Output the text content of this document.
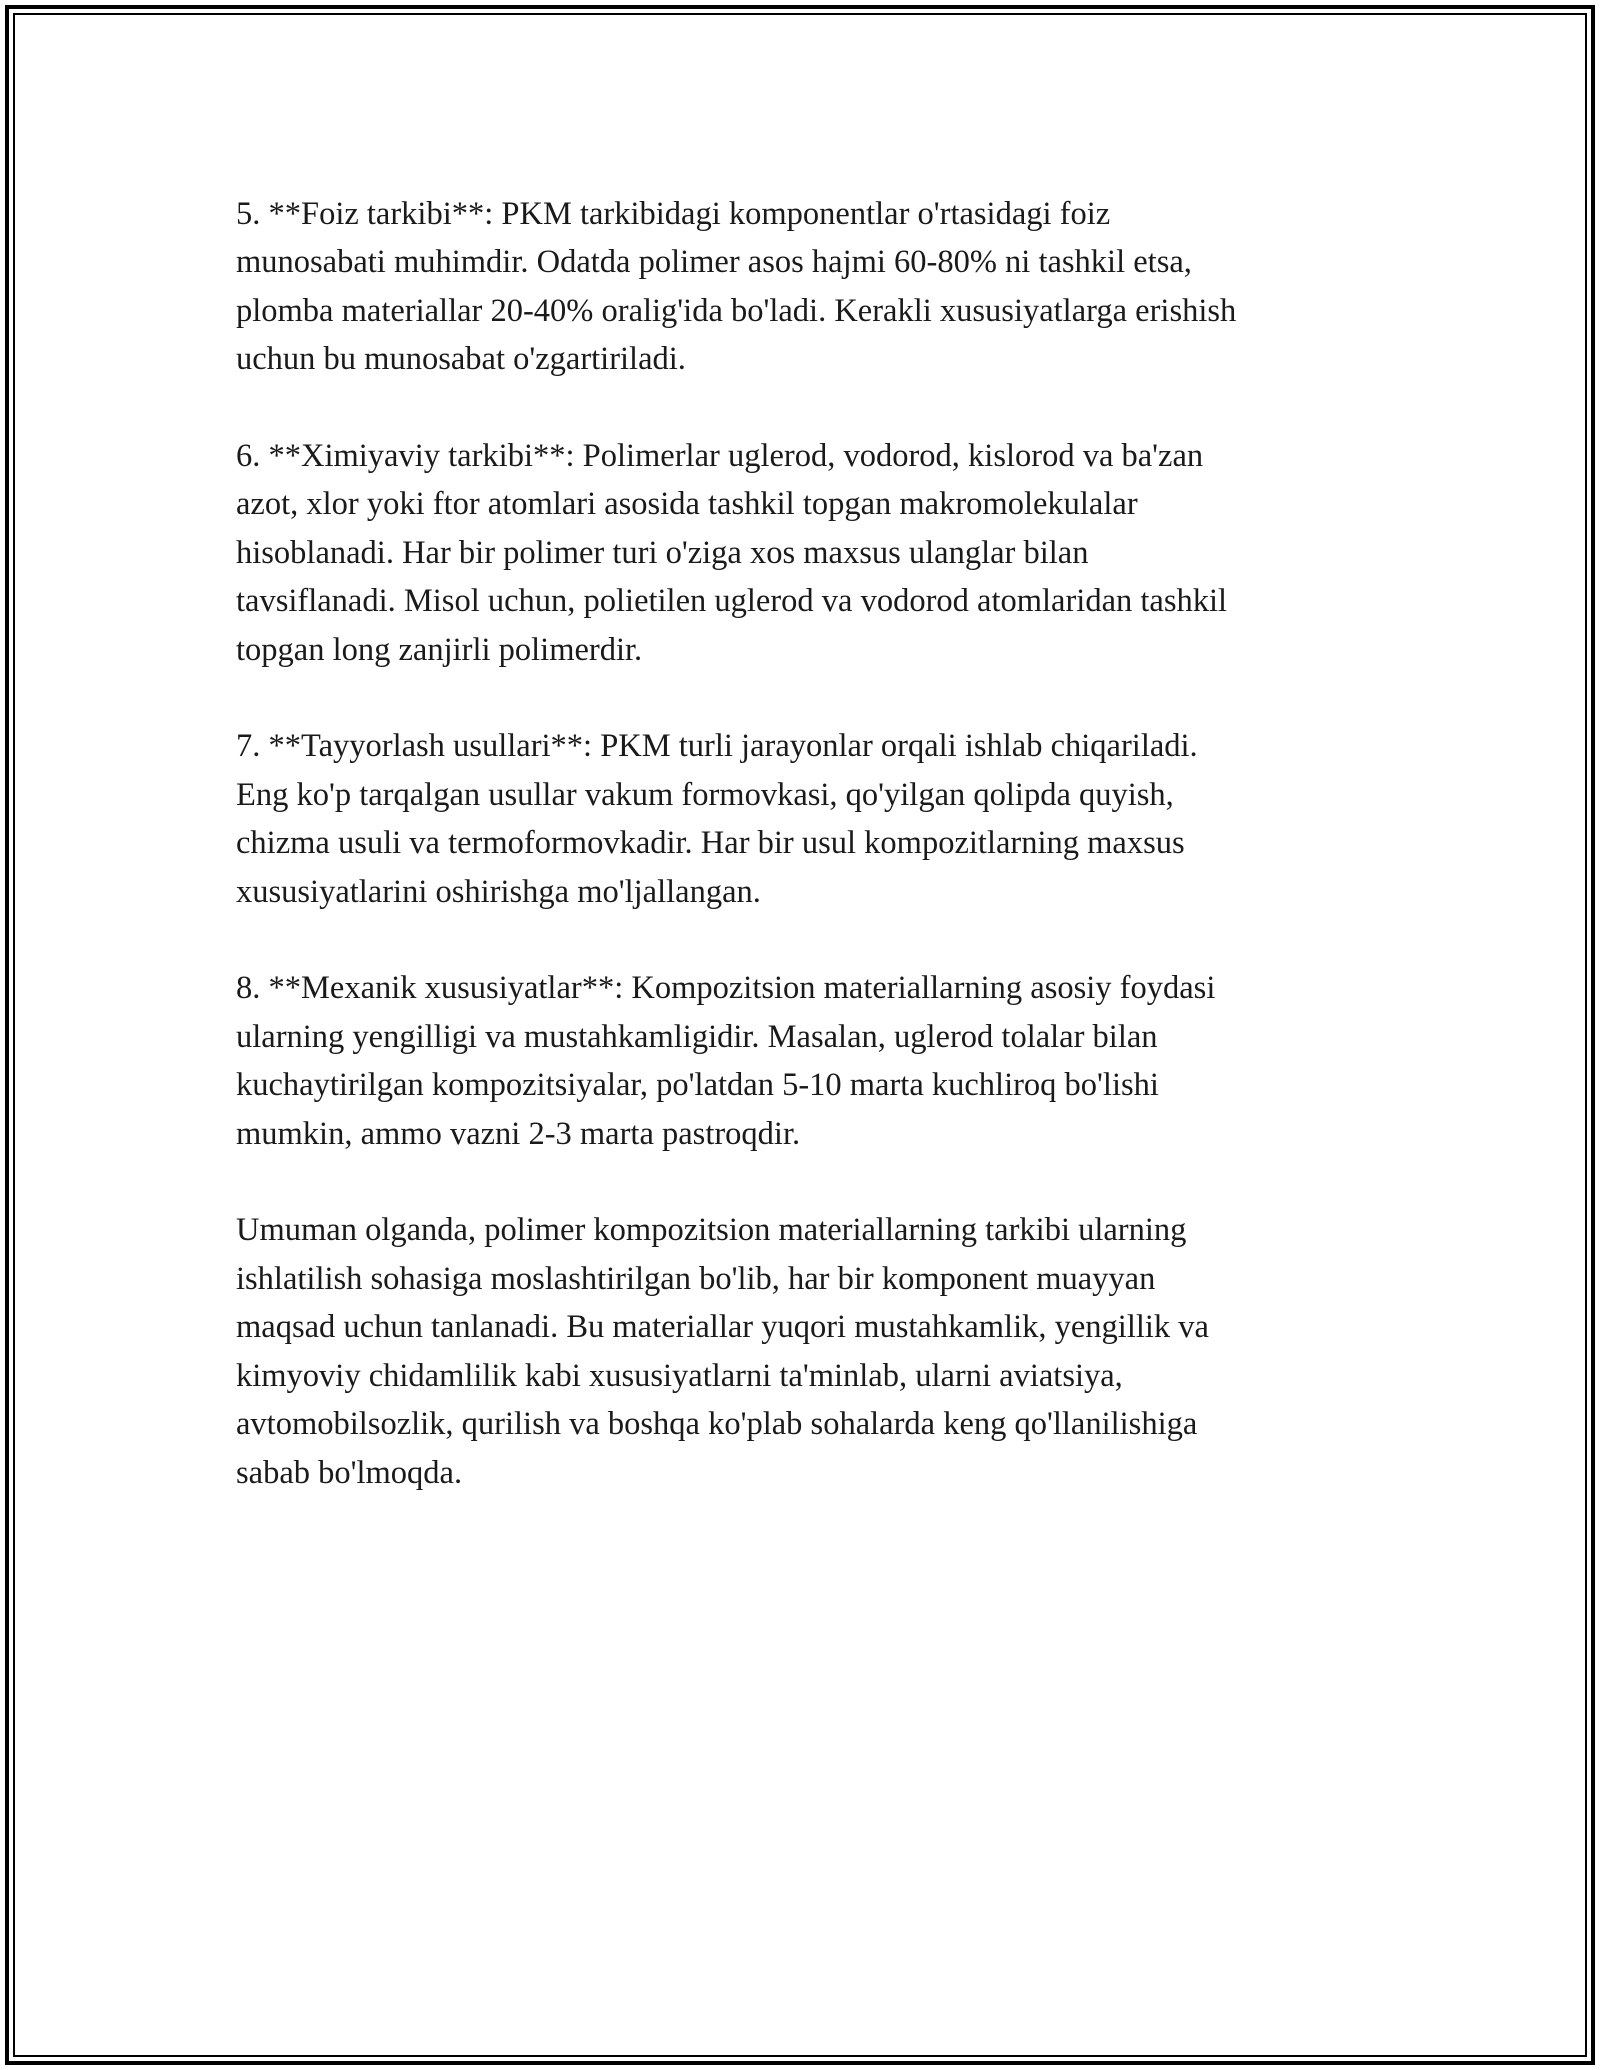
5. **Foiz tarkibi**: PKM tarkibidagi komponentlar o'rtasidagi foiz
munosabati muhimdir. Odatda polimer asos hajmi 60-80% ni tashkil etsa,
plomba materiallar 20-40% oralig'ida bo'ladi. Kerakli xususiyatlarga erishish
uchun bu munosabat o'zgartiriladi.

6. **Ximiyaviy tarkibi**: Polimerlar uglerod, vodorod, kislorod va ba'zan
azot, xlor yoki ftor atomlari asosida tashkil topgan makromolekulalar
hisoblanadi. Har bir polimer turi o'ziga xos maxsus ulanglar bilan
tavsiflanadi. Misol uchun, polietilen uglerod va vodorod atomlaridan tashkil
topgan long zanjirli polimerdir.

7. **Tayyorlash usullari**: PKM turli jarayonlar orqali ishlab chiqariladi.
Eng ko'p tarqalgan usullar vakum formovkasi, qo'yilgan qolipda quyish,
chizma usuli va termoformovkadir. Har bir usul kompozitlarning maxsus
xususiyatlarini oshirishga mo'ljallangan.

8. **Mexanik xususiyatlar**: Kompozitsion materiallarning asosiy foydasi
ularning yengilligi va mustahkamligidir. Masalan, uglerod tolalar bilan
kuchaytirilgan kompozitsiyalar, po'latdan 5-10 marta kuchliroq bo'lishi
mumkin, ammo vazni 2-3 marta pastroqdir.

Umuman olganda, polimer kompozitsion materiallarning tarkibi ularning
ishlatilish sohasiga moslashtirilgan bo'lib, har bir komponent muayyan
maqsad uchun tanlanadi. Bu materiallar yuqori mustahkamlik, yengillik va
kimyoviy chidamlilik kabi xususiyatlarni ta'minlab, ularni aviatsiya,
avtomobilsozlik, qurilish va boshqa ko'plab sohalarda keng qo'llanilishiga
sabab bo'lmoqda.
